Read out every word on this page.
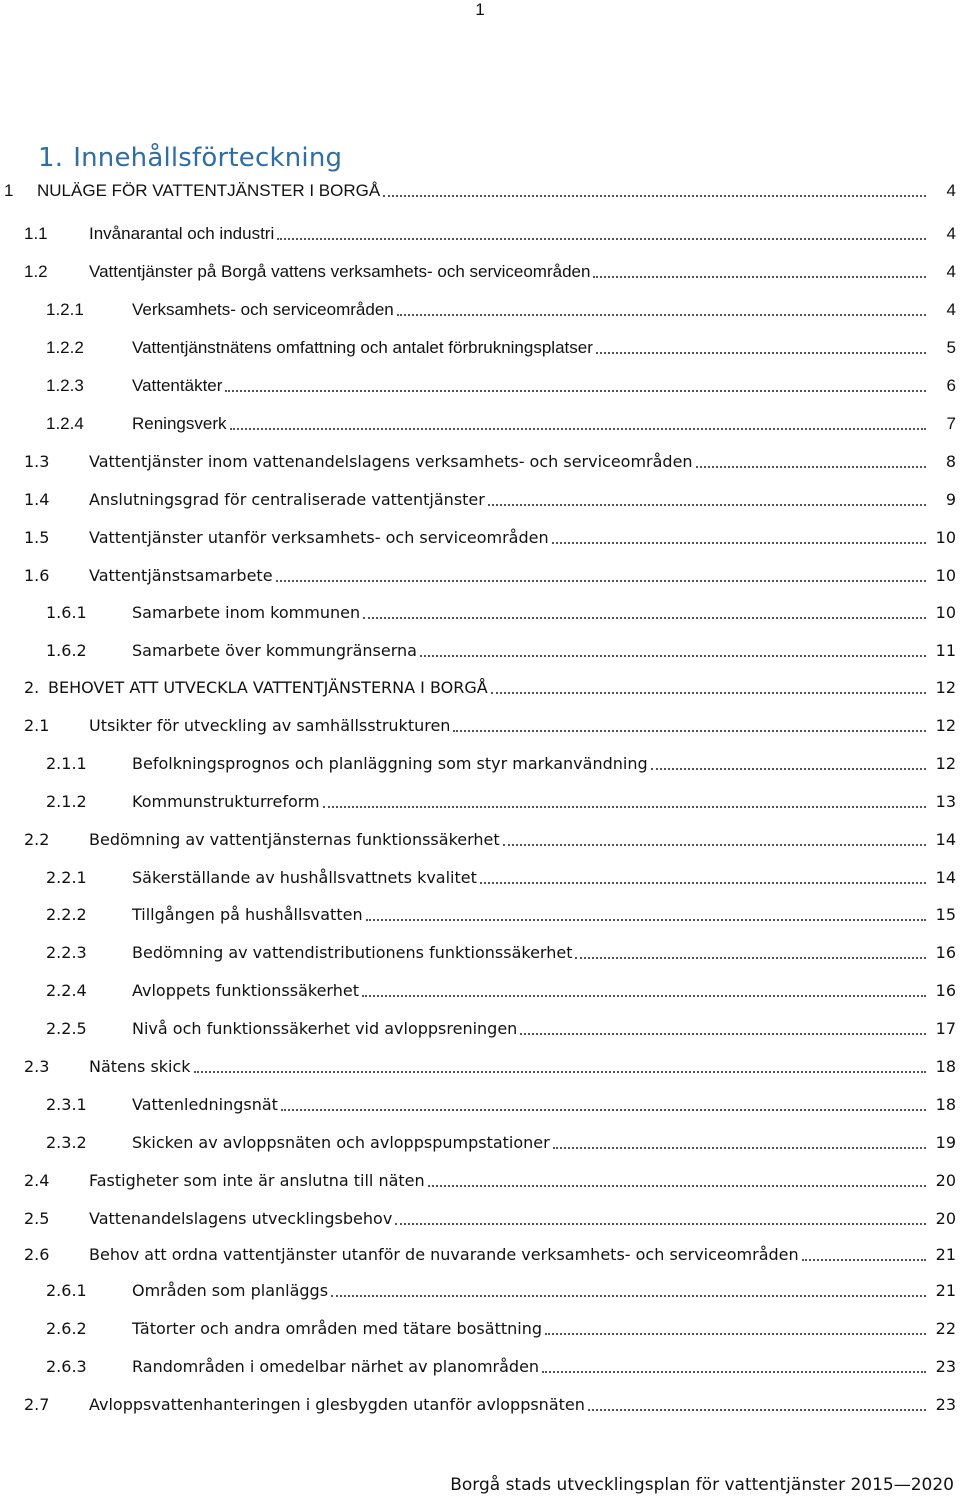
1
1. Innehållsförteckning
1 NULÄGE FÖR VATTENTJÄNSTER I BORGÅ	4
1.1 Invånarantal och industri	4
1.2 Vattentjänster på Borgå vattens verksamhets- och serviceområden	4
1.2.1	Verksamhets- och serviceområden	4
1.2.2	Vattentjänstnätens omfattning och antalet förbrukningsplatser	5
1.2.3	Vattentäkter	6
1.2.4	Reningsverk	7
1.3 Vattentjänster inom vattenandelslagens verksamhets- och serviceområden	8
1.4 Anslutningsgrad för centraliserade vattentjänster	9
1.5 Vattentjänster utanför verksamhets- och serviceområden	10
1.6 Vattentjänstsamarbete	10
1.6.1	Samarbete inom kommunen	10
1.6.2	Samarbete över kommungränserna	11
2. BEHOVET ATT UTVECKLA VATTENTJÄNSTERNA I BORGÅ	12
2.1 Utsikter för utveckling av samhällsstrukturen	12
2.1.1	Befolkningsprognos och planläggning som styr markanvändning	12
2.1.2	Kommunstrukturreform	13
2.2 Bedömning av vattentjänsternas funktionssäkerhet	14
2.2.1	Säkerställande av hushållsvattnets kvalitet	14
2.2.2	Tillgången på hushållsvatten	15
2.2.3	Bedömning av vattendistributionens funktionssäkerhet	16
2.2.4	Avloppets funktionssäkerhet	16
2.2.5	Nivå och funktionssäkerhet vid avloppsreningen	17
2.3 Nätens skick	18
2.3.1	Vattenledningsnät	18
2.3.2	Skicken av avloppsnäten och avloppspumpstationer	19
2.4 Fastigheter som inte är anslutna till näten	20
2.5 Vattenandelslagens utvecklingsbehov	20
2.6 Behov att ordna vattentjänster utanför de nuvarande verksamhets- och serviceområden	21
2.6.1	Områden som planläggs	21
2.6.2	Tätorter och andra områden med tätare bosättning	22
2.6.3	Randområden i omedelbar närhet av planområden	23
2.7 Avloppsvattenhanteringen i glesbygden utanför avloppsnäten	23
Borgå stads utvecklingsplan för vattentjänster 2015—2020
